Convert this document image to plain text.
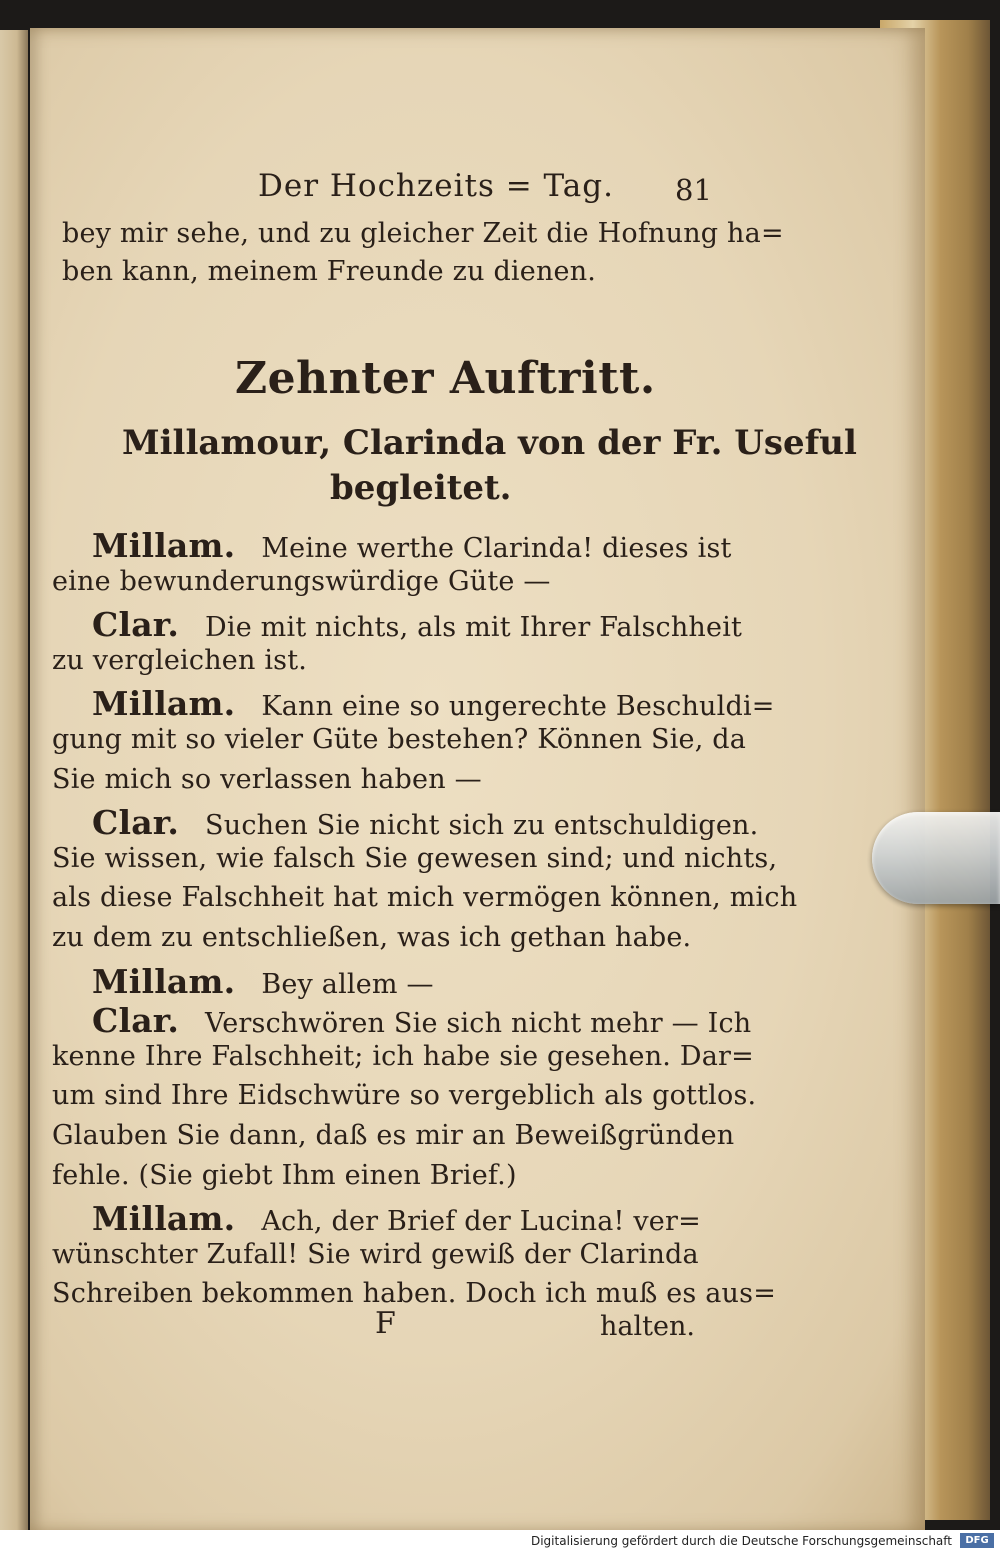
Der Hochzeits = Tag. 81
bey mir sehe, und zu gleicher Zeit die Hofnung ha=
ben kann, meinem Freunde zu dienen.
Zehnter Auftritt.
Millamour, Clarinda von der Fr. Useful
begleitet.
Millam. Meine werthe Clarinda! dieses ist
eine bewunderungswürdige Güte —
Clar. Die mit nichts, als mit Ihrer Falschheit
zu vergleichen ist.
Millam. Kann eine so ungerechte Beschuldi=
gung mit so vieler Güte bestehen? Können Sie, da
Sie mich so verlassen haben —
Clar. Suchen Sie nicht sich zu entschuldigen.
Sie wissen, wie falsch Sie gewesen sind; und nichts,
als diese Falschheit hat mich vermögen können, mich
zu dem zu entschließen, was ich gethan habe.
Millam. Bey allem —
Clar. Verschwören Sie sich nicht mehr — Ich
kenne Ihre Falschheit; ich habe sie gesehen. Dar=
um sind Ihre Eidschwüre so vergeblich als gottlos.
Glauben Sie dann, daß es mir an Beweißgründen
fehle. (Sie giebt Ihm einen Brief.)
Millam. Ach, der Brief der Lucina! ver=
wünschter Zufall! Sie wird gewiß der Clarinda
Schreiben bekommen haben. Doch ich muß es aus=
F	halten.
Digitalisierung gefördert durch die Deutsche Forschungsgemeinschaft	DFG
